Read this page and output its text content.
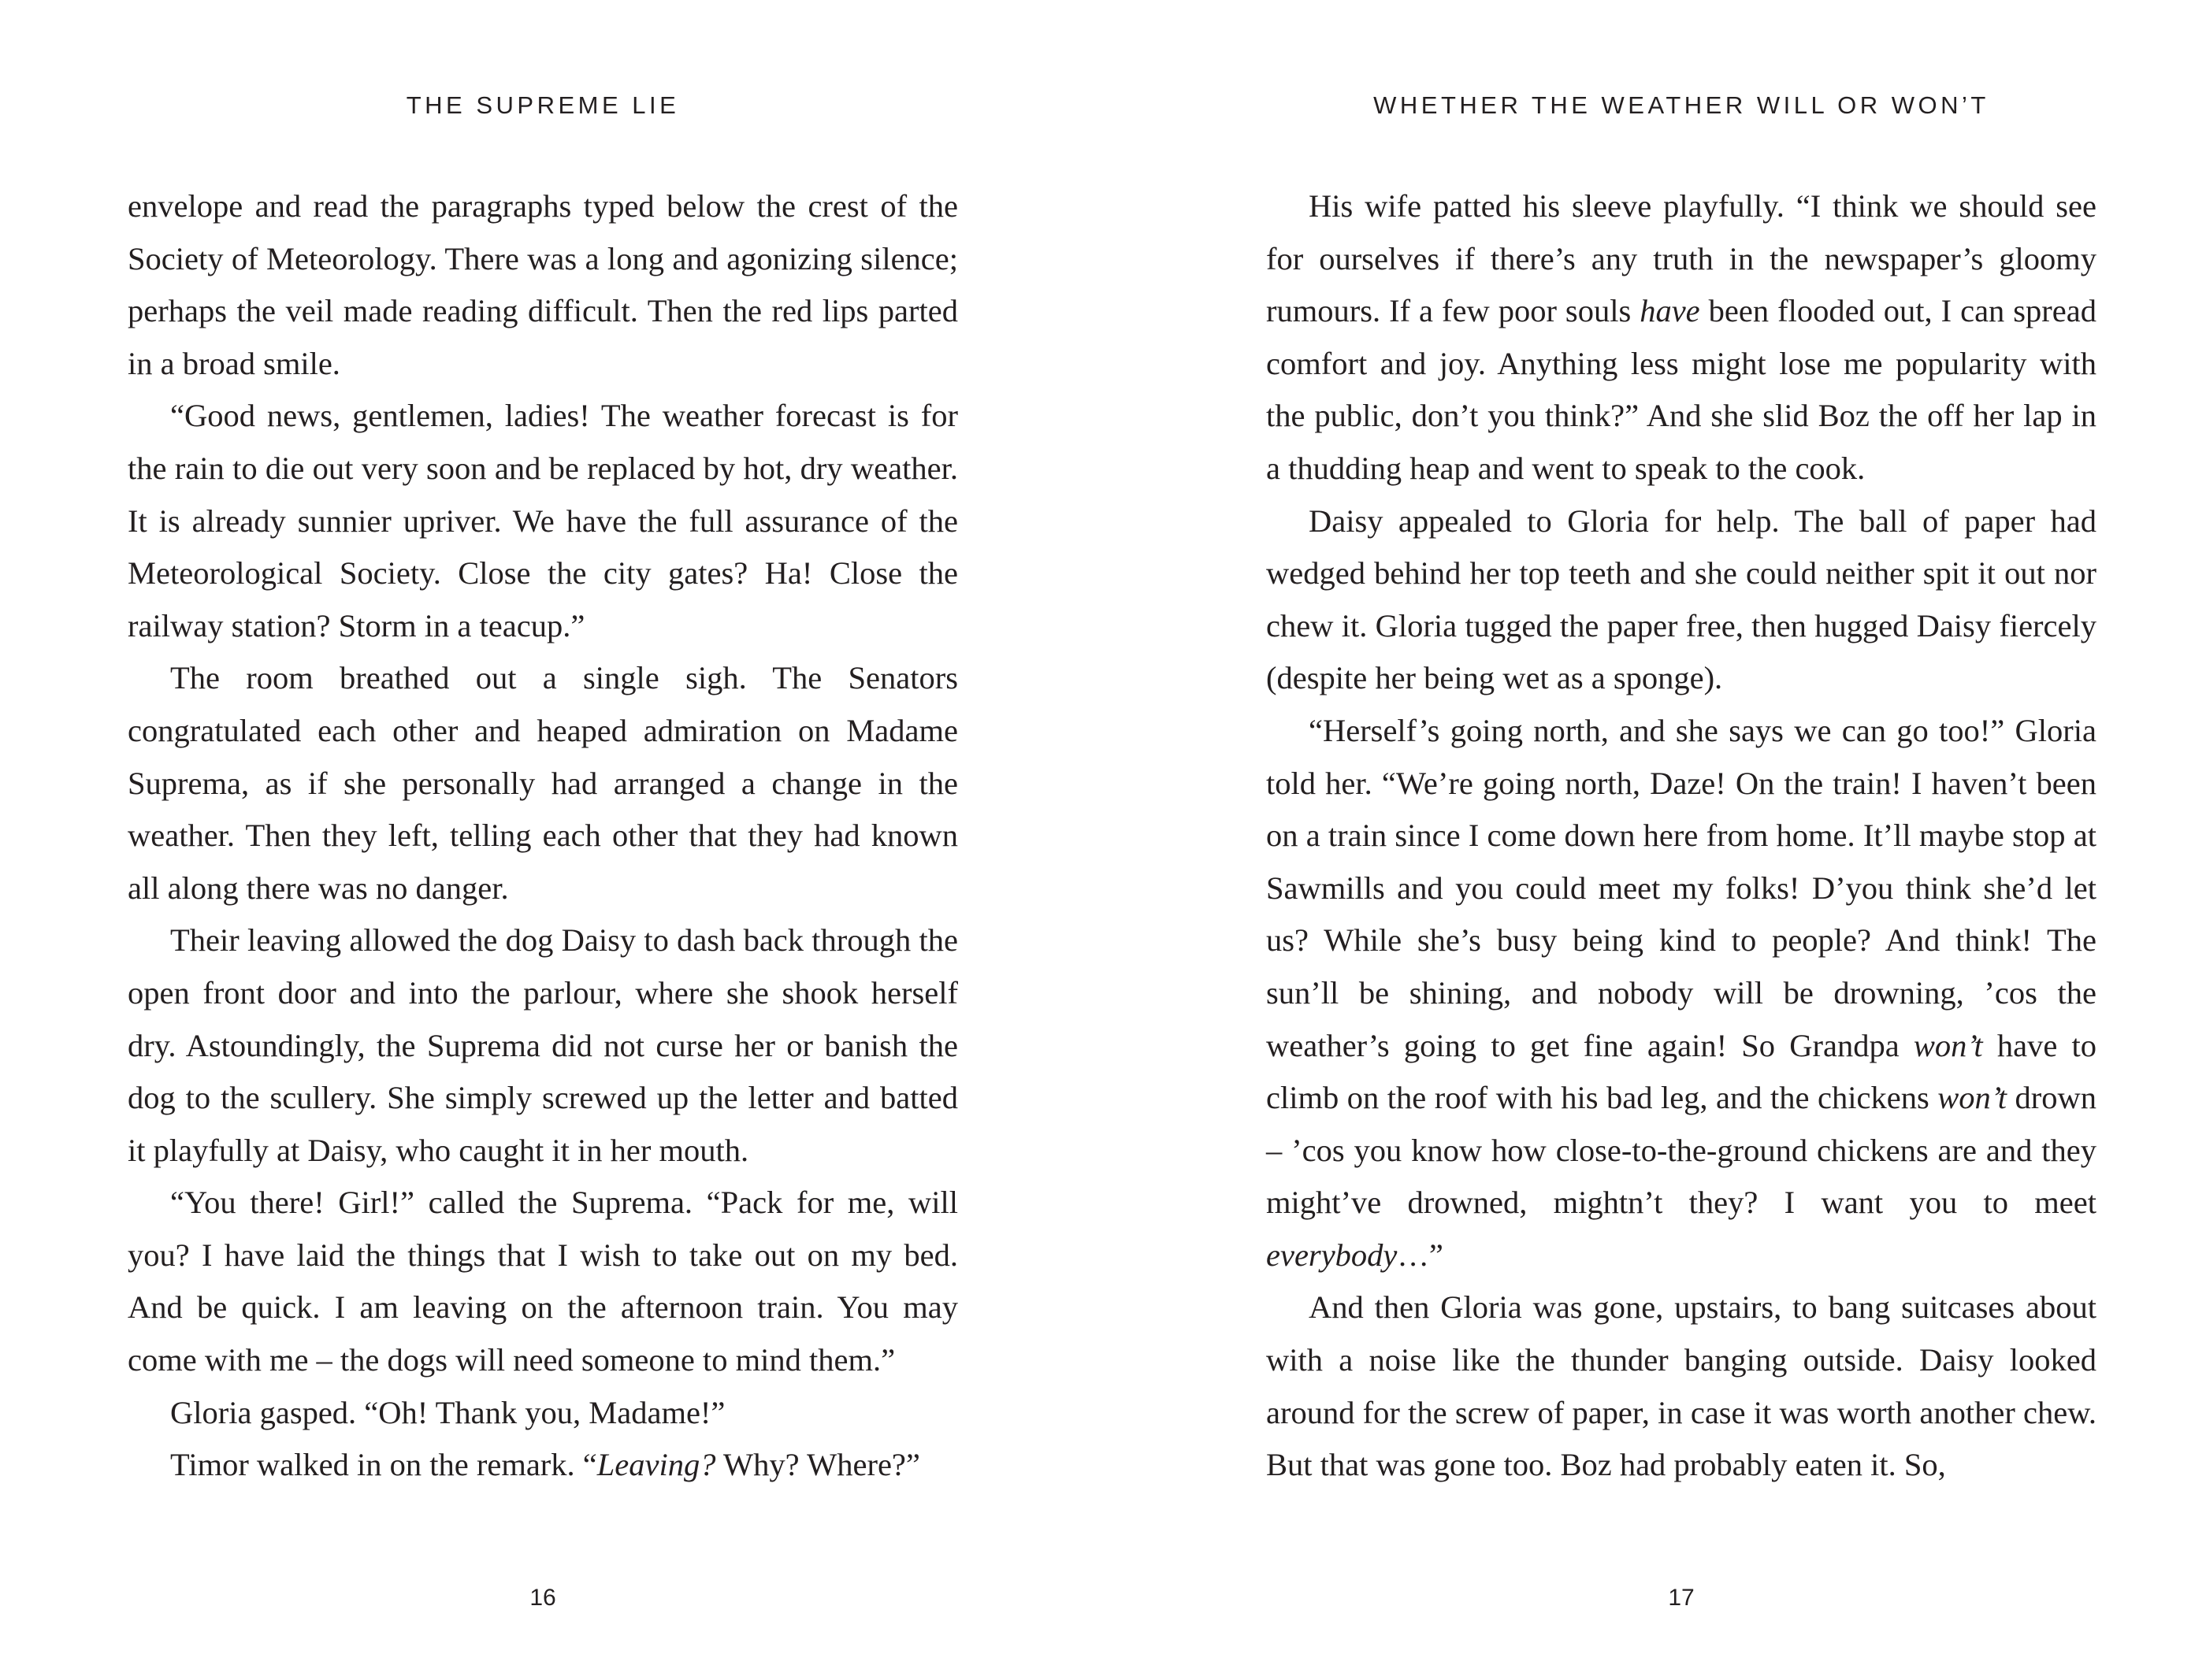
THE SUPREME LIE

envelope and read the paragraphs typed below the crest of the Society of Meteorology. There was a long and agonizing silence; perhaps the veil made reading difficult. Then the red lips parted in a broad smile.

“Good news, gentlemen, ladies! The weather forecast is for the rain to die out very soon and be replaced by hot, dry weather. It is already sunnier upriver. We have the full assurance of the Meteorological Society. Close the city gates? Ha! Close the railway station? Storm in a teacup.”

The room breathed out a single sigh. The Senators congratulated each other and heaped admiration on Madame Suprema, as if she personally had arranged a change in the weather. Then they left, telling each other that they had known all along there was no danger.

Their leaving allowed the dog Daisy to dash back through the open front door and into the parlour, where she shook herself dry. Astoundingly, the Suprema did not curse her or banish the dog to the scullery. She simply screwed up the letter and batted it playfully at Daisy, who caught it in her mouth.

“You there! Girl!” called the Suprema. “Pack for me, will you? I have laid the things that I wish to take out on my bed. And be quick. I am leaving on the afternoon train. You may come with me – the dogs will need someone to mind them.”

Gloria gasped. “Oh! Thank you, Madame!”

Timor walked in on the remark. “Leaving? Why? Where?”

16
WHETHER THE WEATHER WILL OR WON’T

His wife patted his sleeve playfully. “I think we should see for ourselves if there’s any truth in the newspaper’s gloomy rumours. If a few poor souls have been flooded out, I can spread comfort and joy. Anything less might lose me popularity with the public, don’t you think?” And she slid Boz the off her lap in a thudding heap and went to speak to the cook.

Daisy appealed to Gloria for help. The ball of paper had wedged behind her top teeth and she could neither spit it out nor chew it. Gloria tugged the paper free, then hugged Daisy fiercely (despite her being wet as a sponge).

“Herself’s going north, and she says we can go too!” Gloria told her. “We’re going north, Daze! On the train! I haven’t been on a train since I come down here from home. It’ll maybe stop at Sawmills and you could meet my folks! D’you think she’d let us? While she’s busy being kind to people? And think! The sun’ll be shining, and nobody will be drowning, ’cos the weather’s going to get fine again! So Grandpa won’t have to climb on the roof with his bad leg, and the chickens won’t drown – ’cos you know how close-to-the-ground chickens are and they might’ve drowned, mightn’t they? I want you to meet everybody…”

And then Gloria was gone, upstairs, to bang suitcases about with a noise like the thunder banging outside. Daisy looked around for the screw of paper, in case it was worth another chew. But that was gone too. Boz had probably eaten it. So,

17
